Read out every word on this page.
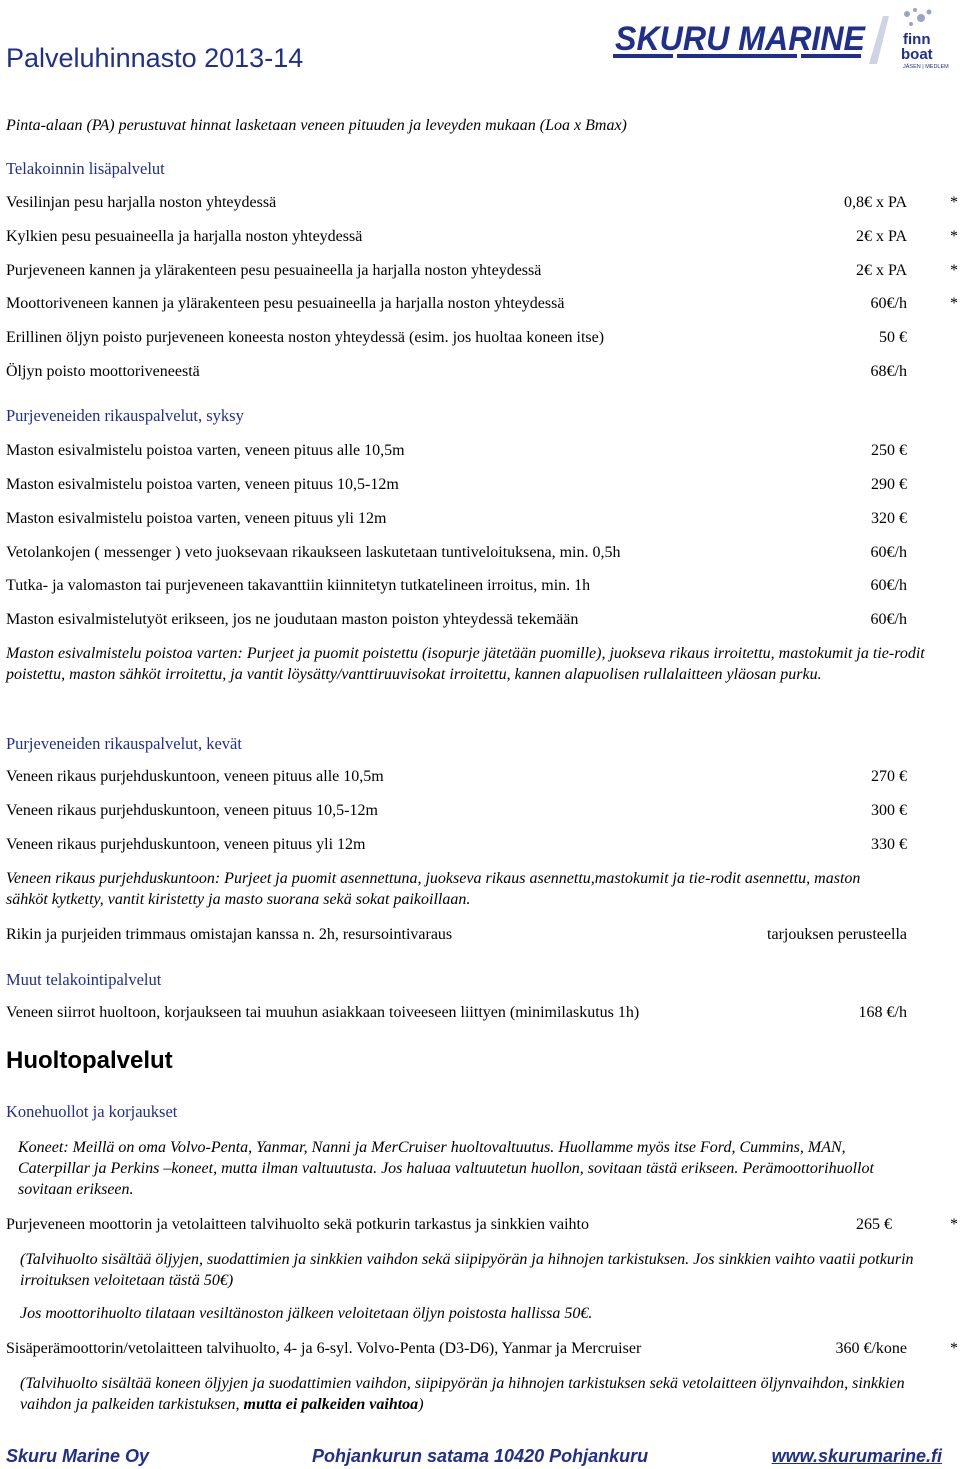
Palveluhinnasto 2013-14	SKURU MARINE finn
boat
JÄSEN | MEDLEM
Pinta-alaan (PA) perustuvat hinnat lasketaan veneen pituuden ja leveyden mukaan (Loa x Bmax)
Telakoinnin lisäpalvelut
Vesilinjan pesu harjalla noston yhteydessä	0,8€ x PA	*
Kylkien pesu pesuaineella ja harjalla noston yhteydessä	2€ x PA	*
Purjeveneen kannen ja ylärakenteen pesu pesuaineella ja harjalla noston yhteydessä	2€ x PA	*
Moottoriveneen kannen ja ylärakenteen pesu pesuaineella ja harjalla noston yhteydessä	60€/h	*
Erillinen öljyn poisto purjeveneen koneesta noston yhteydessä (esim. jos huoltaa koneen itse)	50 €
Öljyn poisto moottoriveneestä	68€/h
Purjeveneiden rikauspalvelut, syksy
Maston esivalmistelu poistoa varten, veneen pituus alle 10,5m	250 €
Maston esivalmistelu poistoa varten, veneen pituus 10,5-12m	290 €
Maston esivalmistelu poistoa varten, veneen pituus yli 12m	320 €
Vetolankojen ( messenger ) veto juoksevaan rikaukseen laskutetaan tuntiveloituksena, min. 0,5h	60€/h
Tutka- ja valomaston tai purjeveneen takavanttiin kiinnitetyn tutkatelineen irroitus, min. 1h	60€/h
Maston esivalmistelutyöt erikseen, jos ne joudutaan maston poiston yhteydessä tekemään	60€/h
Maston esivalmistelu poistoa varten: Purjeet ja puomit poistettu (isopurje jätetään puomille), juokseva rikaus irroitettu, mastokumit ja tie-rodit poistettu, maston sähköt irroitettu, ja vantit löysätty/vanttiruuvisokat irroitettu, kannen alapuolisen rullalaitteen yläosan purku.
Purjeveneiden rikauspalvelut, kevät
Veneen rikaus purjehduskuntoon, veneen pituus alle 10,5m	270 €
Veneen rikaus purjehduskuntoon, veneen pituus 10,5-12m	300 €
Veneen rikaus purjehduskuntoon, veneen pituus yli 12m	330 €
Veneen rikaus purjehduskuntoon: Purjeet ja puomit asennettuna, juokseva rikaus asennettu,mastokumit ja tie-rodit asennettu, maston sähköt kytketty, vantit kiristetty ja masto suorana sekä sokat paikoillaan.
Rikin ja purjeiden trimmaus omistajan kanssa n. 2h, resursointivaraus	tarjouksen perusteella
Muut telakointipalvelut
Veneen siirrot huoltoon, korjaukseen tai muuhun asiakkaan toiveeseen liittyen (minimilaskutus 1h)	168 €/h
Huoltopalvelut
Konehuollot ja korjaukset
Koneet: Meillä on oma Volvo-Penta, Yanmar, Nanni ja MerCruiser huoltovaltuutus. Huollamme myös itse Ford, Cummins, MAN, Caterpillar ja Perkins –koneet, mutta ilman valtuutusta. Jos haluaa valtuutetun huollon, sovitaan tästä erikseen. Perämoottorihuollot sovitaan erikseen.
Purjeveneen moottorin ja vetolaitteen talvihuolto sekä potkurin tarkastus ja sinkkien vaihto	265 €	*
(Talvihuolto sisältää öljyjen, suodattimien ja sinkkien vaihdon sekä siipipyörän ja hihnojen tarkistuksen. Jos sinkkien vaihto vaatii potkurin irroituksen veloitetaan tästä 50€)
Jos moottorihuolto tilataan vesiltänoston jälkeen veloitetaan öljyn poistosta hallissa 50€.
Sisäperämoottorin/vetolaitteen talvihuolto, 4- ja 6-syl. Volvo-Penta (D3-D6), Yanmar ja Mercruiser	360 €/kone	*
(Talvihuolto sisältää koneen öljyjen ja suodattimien vaihdon, siipipyörän ja hihnojen tarkistuksen sekä vetolaitteen öljynvaihdon, sinkkien vaihdon ja palkeiden tarkistuksen, mutta ei palkeiden vaihtoa)
Skuru Marine Oy	Pohjankurun satama 10420 Pohjankuru	www.skurumarine.fi
